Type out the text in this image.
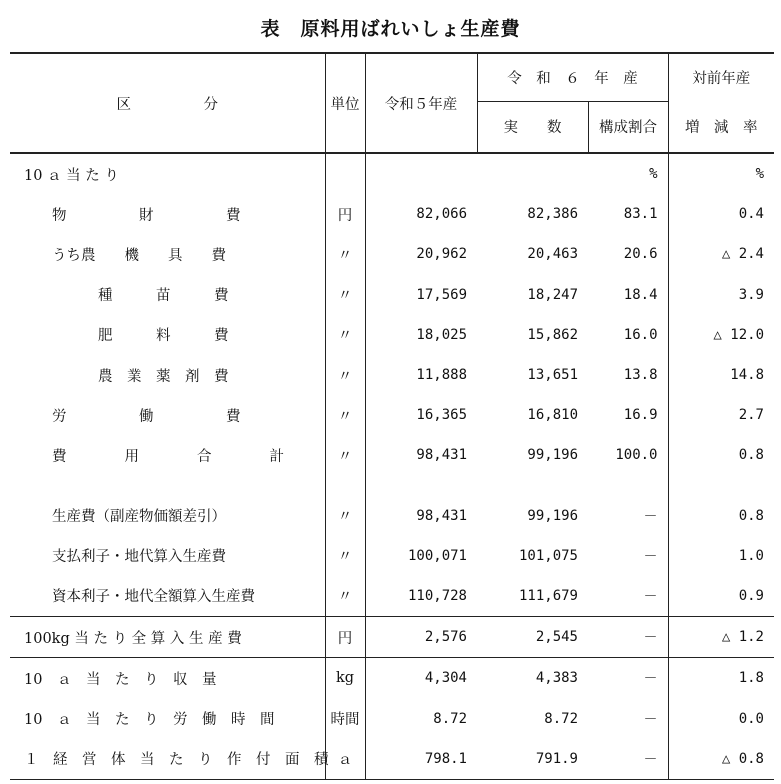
表　原料用ばれいしょ生産費
区　　　　　分	単位	令和５年産	令　和　６　年　産		対前年産
			実　　数	構成割合	増　減　率
10 ａ 当 た り				%	%
物　　　　　財　　　　　費	円	82,066	82,386	83.1	0.4
うち農　　機　　具　　費	〃	20,962	20,463	20.6	△ 2.4
種　　　苗　　　費	〃	17,569	18,247	18.4	3.9
肥　　　料　　　費	〃	18,025	15,862	16.0	△ 12.0
農　業　薬　剤　費	〃	11,888	13,651	13.8	14.8
労　　　　　働　　　　　費	〃	16,365	16,810	16.9	2.7
費　　　　用　　　　合　　　　計	〃	98,431	99,196	100.0	0.8

生産費（副産物価額差引）	〃	98,431	99,196	－	0.8
支払利子・地代算入生産費	〃	100,071	101,075	－	1.0
資本利子・地代全額算入生産費	〃	110,728	111,679	－	0.9
100kg 当 た り 全 算 入 生 産 費	円	2,576	2,545	－	△ 1.2
10　ａ　当　た　り　収　量	kg	4,304	4,383	－	1.8
10　ａ　当　た　り　労　働　時　間	時間	8.72	8.72	－	0.0
１　経　営　体　当　た　り　作　付　面　積	ａ	798.1	791.9	－	△ 0.8
